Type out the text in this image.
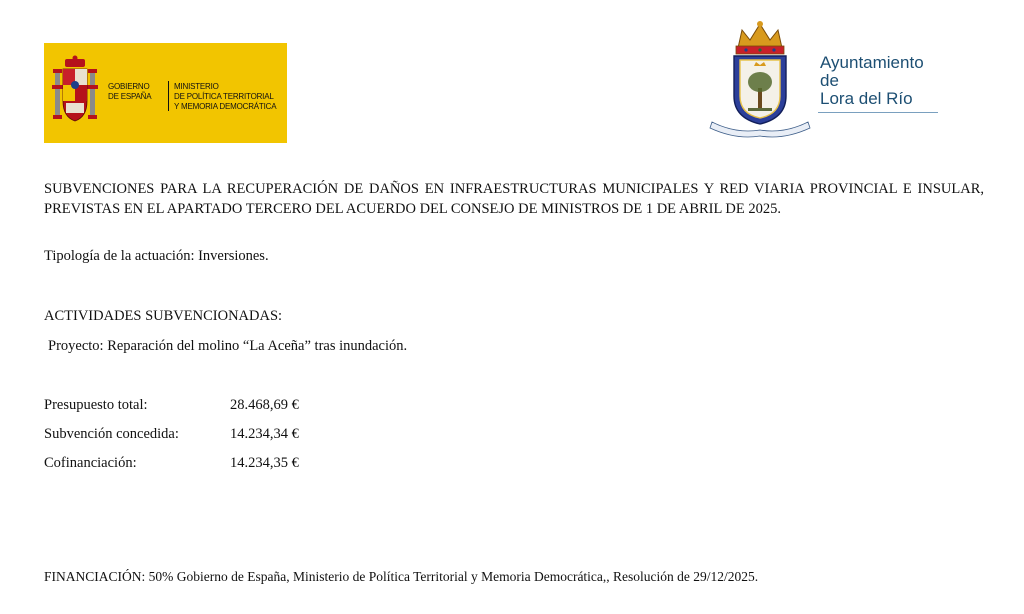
GOBIERNO
DE ESPAÑA
MINISTERIO
DE POLÍTICA TERRITORIAL
Y MEMORIA DEMOCRÁTICA
Ayuntamiento
de
Lora del Río
SUBVENCIONES PARA LA RECUPERACIÓN DE DAÑOS EN INFRAESTRUCTURAS MUNICIPALES Y RED VIARIA PROVINCIAL E INSULAR, PREVISTAS EN EL APARTADO TERCERO DEL ACUERDO DEL CONSEJO DE MINISTROS DE 1 DE ABRIL DE 2025.
Tipología de la actuación: Inversiones.
ACTIVIDADES SUBVENCIONADAS:
Proyecto: Reparación del molino “La Aceña” tras inundación.
Presupuesto total:	28.468,69 €
Subvención concedida:	14.234,34 €
Cofinanciación:	14.234,35 €
FINANCIACIÓN: 50% Gobierno de España, Ministerio de Política Territorial y Memoria Democrática,, Resolución de 29/12/2025.
